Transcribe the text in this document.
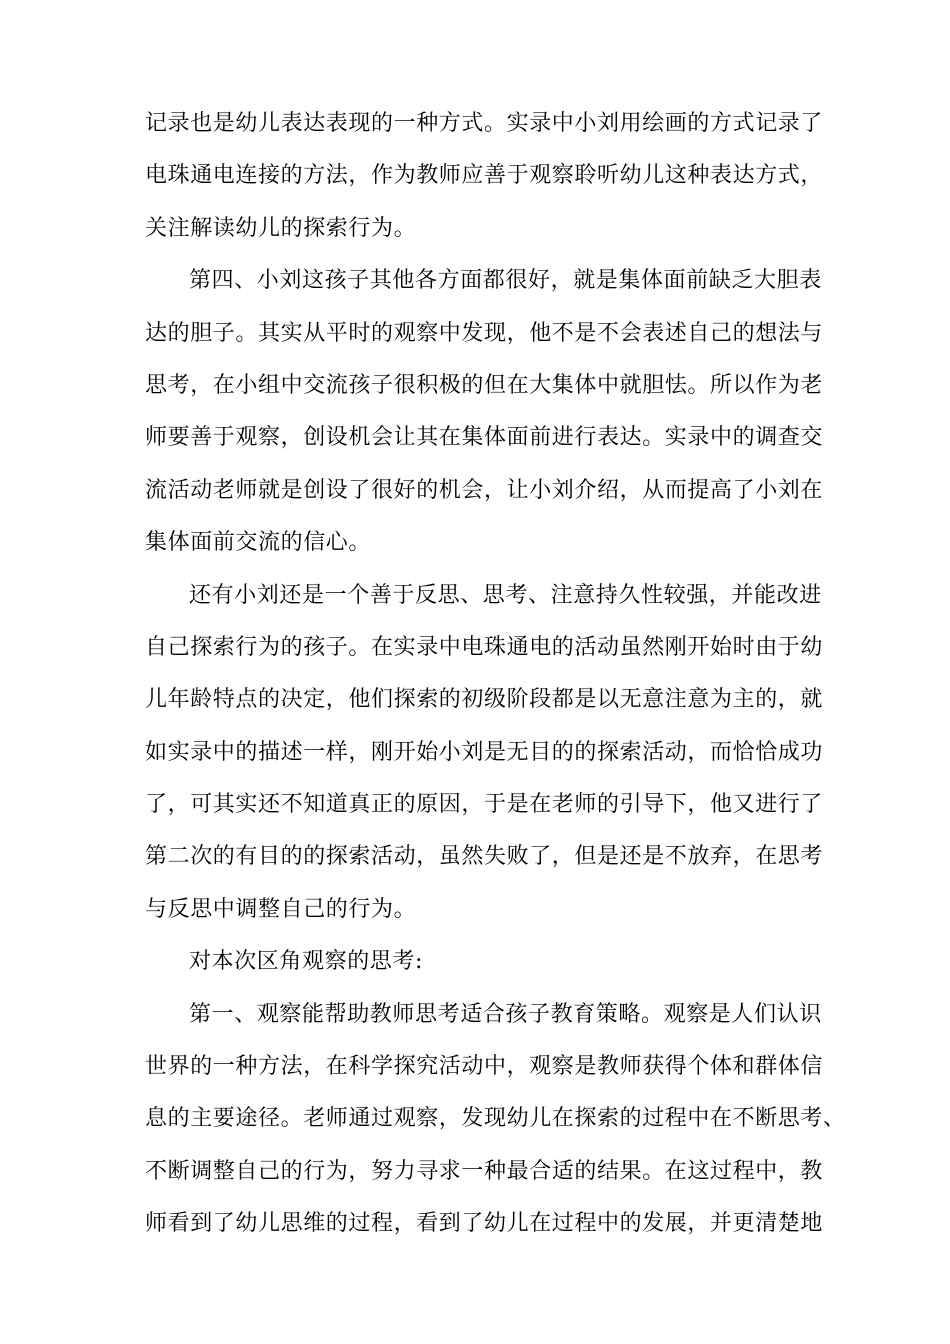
记录也是幼儿表达表现的一种方式。实录中小刘用绘画的方式记录了
电珠通电连接的方法，作为教师应善于观察聆听幼儿这种表达方式，
关注解读幼儿的探索行为。
第四、小刘这孩子其他各方面都很好，就是集体面前缺乏大胆表
达的胆子。其实从平时的观察中发现，他不是不会表述自己的想法与
思考，在小组中交流孩子很积极的但在大集体中就胆怯。所以作为老
师要善于观察，创设机会让其在集体面前进行表达。实录中的调查交
流活动老师就是创设了很好的机会，让小刘介绍，从而提高了小刘在
集体面前交流的信心。
还有小刘还是一个善于反思、思考、注意持久性较强，并能改进
自己探索行为的孩子。在实录中电珠通电的活动虽然刚开始时由于幼
儿年龄特点的决定，他们探索的初级阶段都是以无意注意为主的，就
如实录中的描述一样，刚开始小刘是无目的的探索活动，而恰恰成功
了，可其实还不知道真正的原因，于是在老师的引导下，他又进行了
第二次的有目的的探索活动，虽然失败了，但是还是不放弃，在思考
与反思中调整自己的行为。
对本次区角观察的思考:
第一、观察能帮助教师思考适合孩子教育策略。观察是人们认识
世界的一种方法，在科学探究活动中，观察是教师获得个体和群体信
息的主要途径。老师通过观察，发现幼儿在探索的过程中在不断思考、
不断调整自己的行为，努力寻求一种最合适的结果。在这过程中，教
师看到了幼儿思维的过程，看到了幼儿在过程中的发展，并更清楚地
